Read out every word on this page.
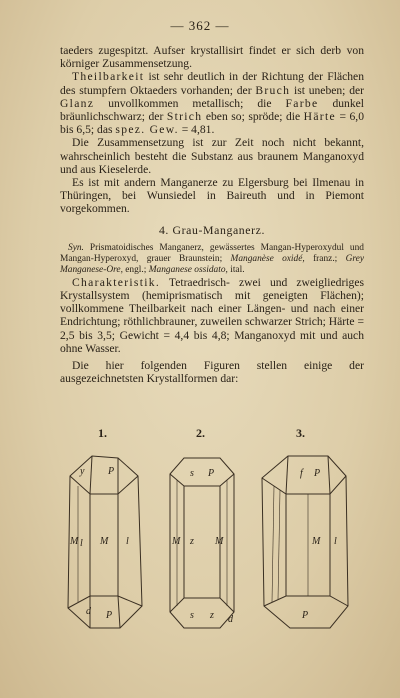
— 362 —

taeders zugespitzt. Aufser krystallisirt findet er sich derb von körniger Zusammensetzung.

Theilbarkeit ist sehr deutlich in der Richtung der Flächen des stumpfern Oktaeders vorhanden; der Bruch ist uneben; der Glanz unvollkommen metallisch; die Farbe dunkel bräunlichschwarz; der Strich eben so; spröde; die Härte = 6,0 bis 6,5; das spez. Gew. = 4,81.

Die Zusammensetzung ist zur Zeit noch nicht bekannt, wahrscheinlich besteht die Substanz aus braunem Manganoxyd und aus Kieselerde.

Es ist mit andern Manganerze zu Elgersburg bei Ilmenau in Thüringen, bei Wunsiedel in Baireuth und in Piemont vorgekommen.

4. Grau-Manganerz.

Syn. Prismatoidisches Manganerz, gewässertes Mangan-Hyperoxydul und Mangan-Hyperoxyd, grauer Braunstein; Manganèse oxidé, franz.; Grey Manganese-Ore, engl.; Manganese ossidato, ital.

Charakteristik. Tetraedrisch- zwei und zweigliedriges Krystallsystem (hemiprismatisch mit geneigten Flächen); vollkommene Theilbarkeit nach einer Längen- und nach einer Endrichtung; röthlichbrauner, zuweilen schwarzer Strich; Härte = 2,5 bis 3,5; Gewicht = 4,4 bis 4,8; Manganoxyd mit und auch ohne Wasser.

Die hier folgenden Figuren stellen einige der ausgezeichnetsten Krystallformen dar:

1.	2.	3.
y P
M l
M l
d P
s P
M
z
M
s z d
f P
M l
P
